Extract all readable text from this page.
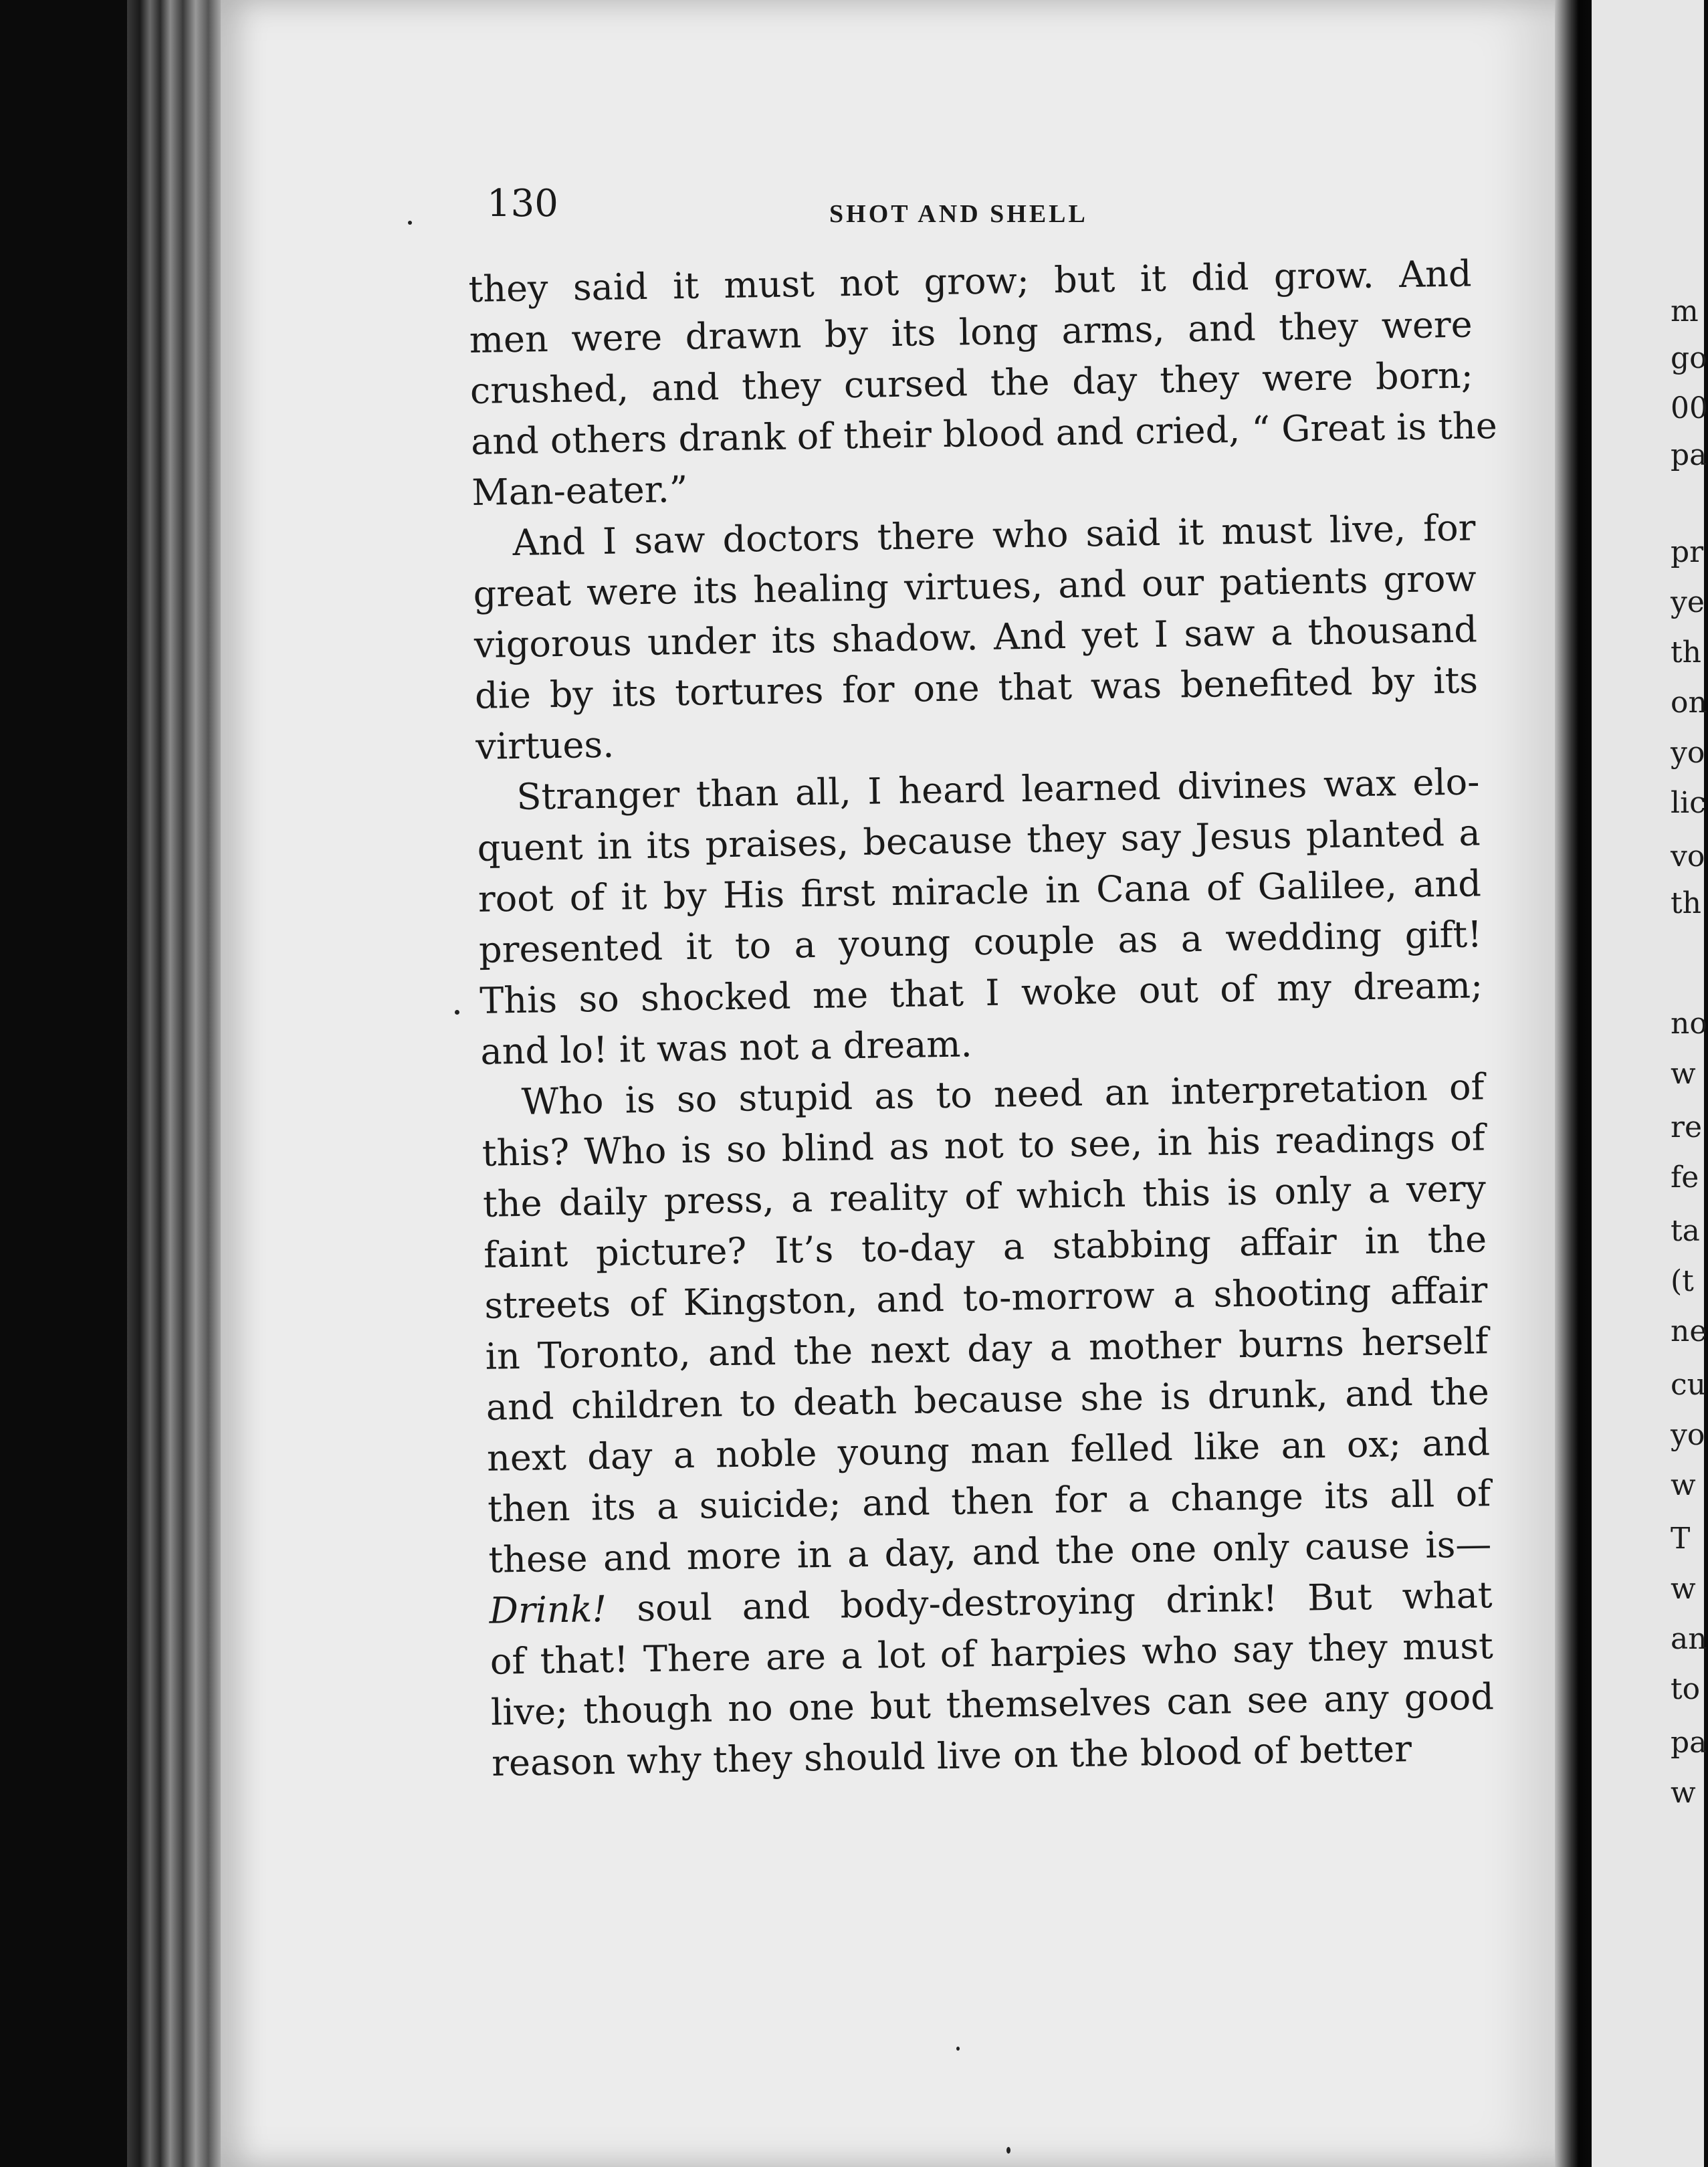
m
go
00
pa
pr
ye
th
on
yo
lic
vo
th
no
w
re
fe
ta
(t
ne
cu
yo
w
T
w
an
to
pa
w
130	SHOT AND SHELL
they said it must not grow; but it did grow. And
men were drawn by its long arms, and they were
crushed, and they cursed the day they were born;
and others drank of their blood and cried, “ Great is the
Man-eater.”
And I saw doctors there who said it must live, for
great were its healing virtues, and our patients grow
vigorous under its shadow. And yet I saw a thousand
die by its tortures for one that was benefited by its
virtues.
Stranger than all, I heard learned divines wax elo-
quent in its praises, because they say Jesus planted a
root of it by His first miracle in Cana of Galilee, and
presented it to a young couple as a wedding gift!
This so shocked me that I woke out of my dream;
and lo! it was not a dream.
Who is so stupid as to need an interpretation of
this? Who is so blind as not to see, in his readings of
the daily press, a reality of which this is only a very
faint picture? It’s to-day a stabbing affair in the
streets of Kingston, and to-morrow a shooting affair
in Toronto, and the next day a mother burns herself
and children to death because she is drunk, and the
next day a noble young man felled like an ox; and
then its a suicide; and then for a change its all of
these and more in a day, and the one only cause is—
Drink! soul and body-destroying drink! But what
of that! There are a lot of harpies who say they must
live; though no one but themselves can see any good
reason why they should live on the blood of better
